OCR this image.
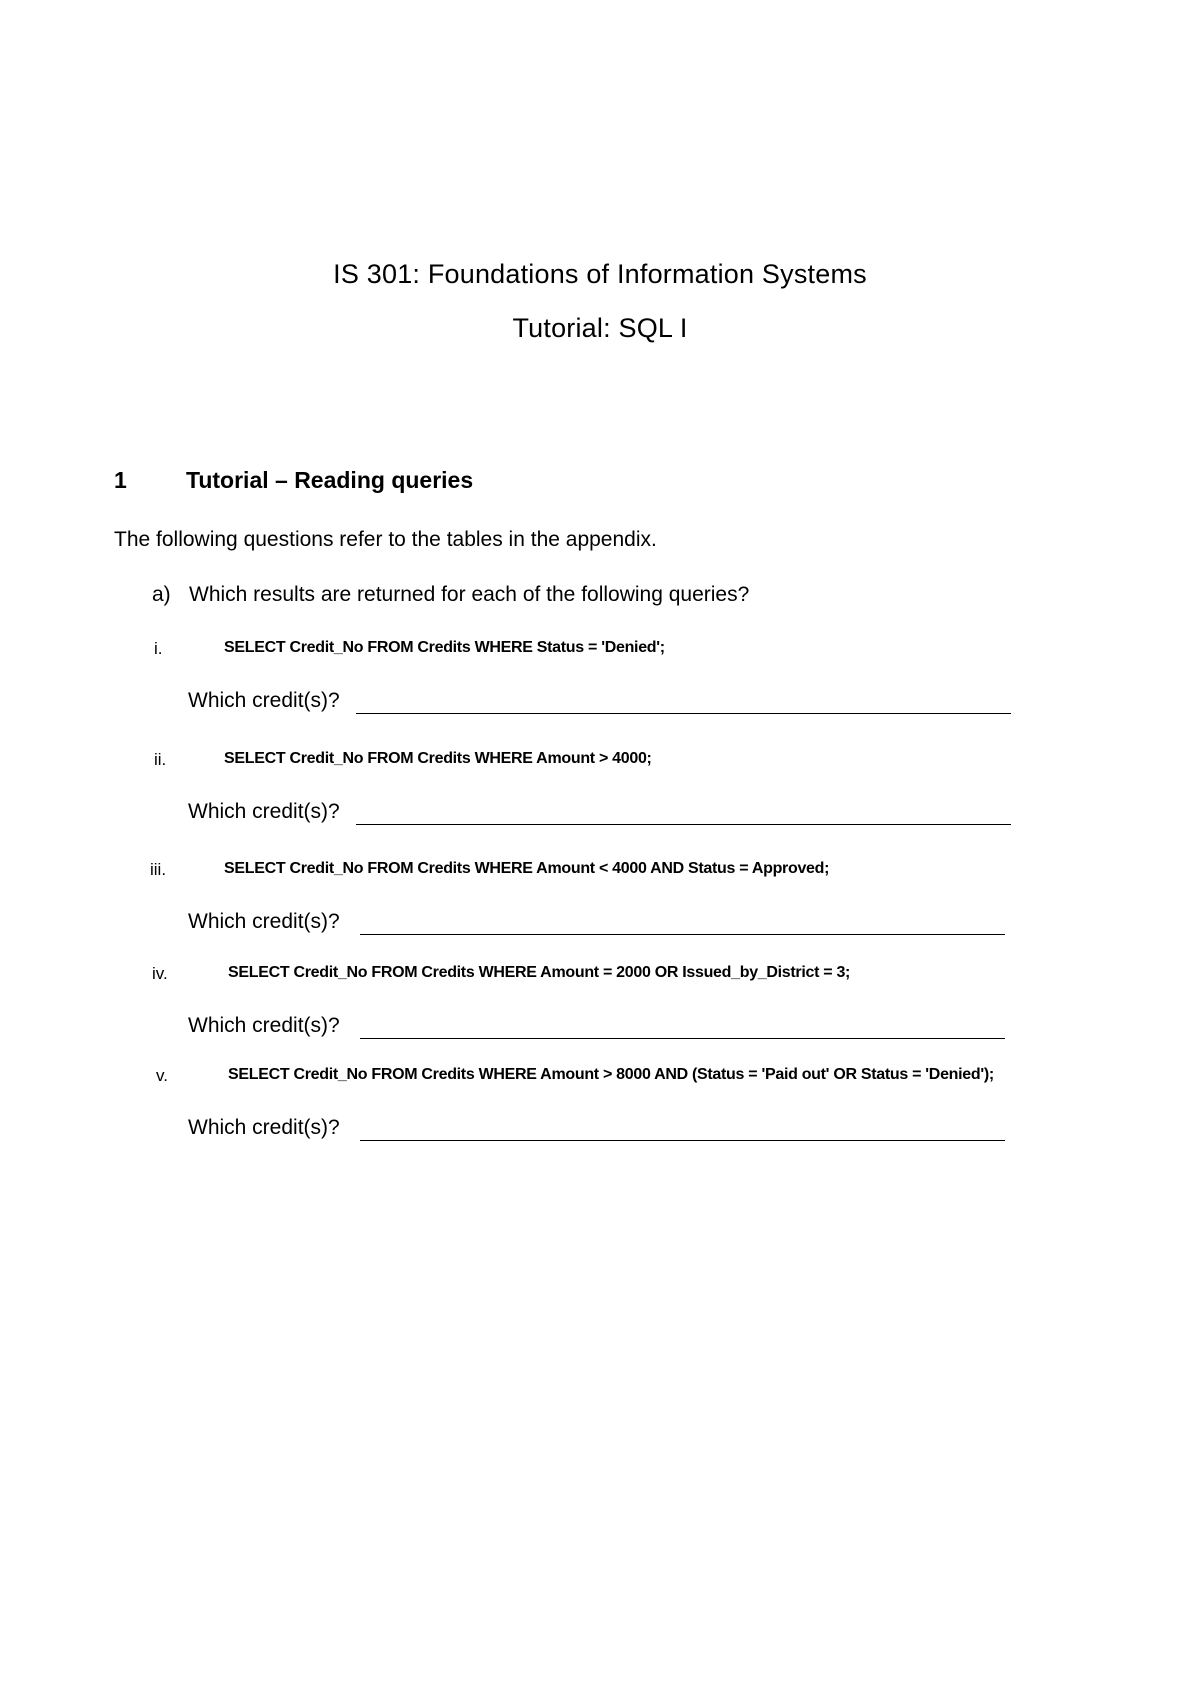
IS 301: Foundations of Information Systems
Tutorial: SQL I
1	Tutorial – Reading queries
The following questions refer to the tables in the appendix.
a) Which results are returned for each of the following queries?
i.	SELECT Credit_No FROM Credits WHERE Status = 'Denied';
Which credit(s)?
ii.	SELECT Credit_No FROM Credits WHERE Amount > 4000;
Which credit(s)?
iii.	SELECT Credit_No FROM Credits WHERE Amount < 4000 AND Status = Approved;
Which credit(s)?
iv.	SELECT Credit_No FROM Credits WHERE Amount = 2000 OR Issued_by_District = 3;
Which credit(s)?
v.	SELECT Credit_No FROM Credits WHERE Amount > 8000 AND (Status = 'Paid out' OR Status = 'Denied');
Which credit(s)?
